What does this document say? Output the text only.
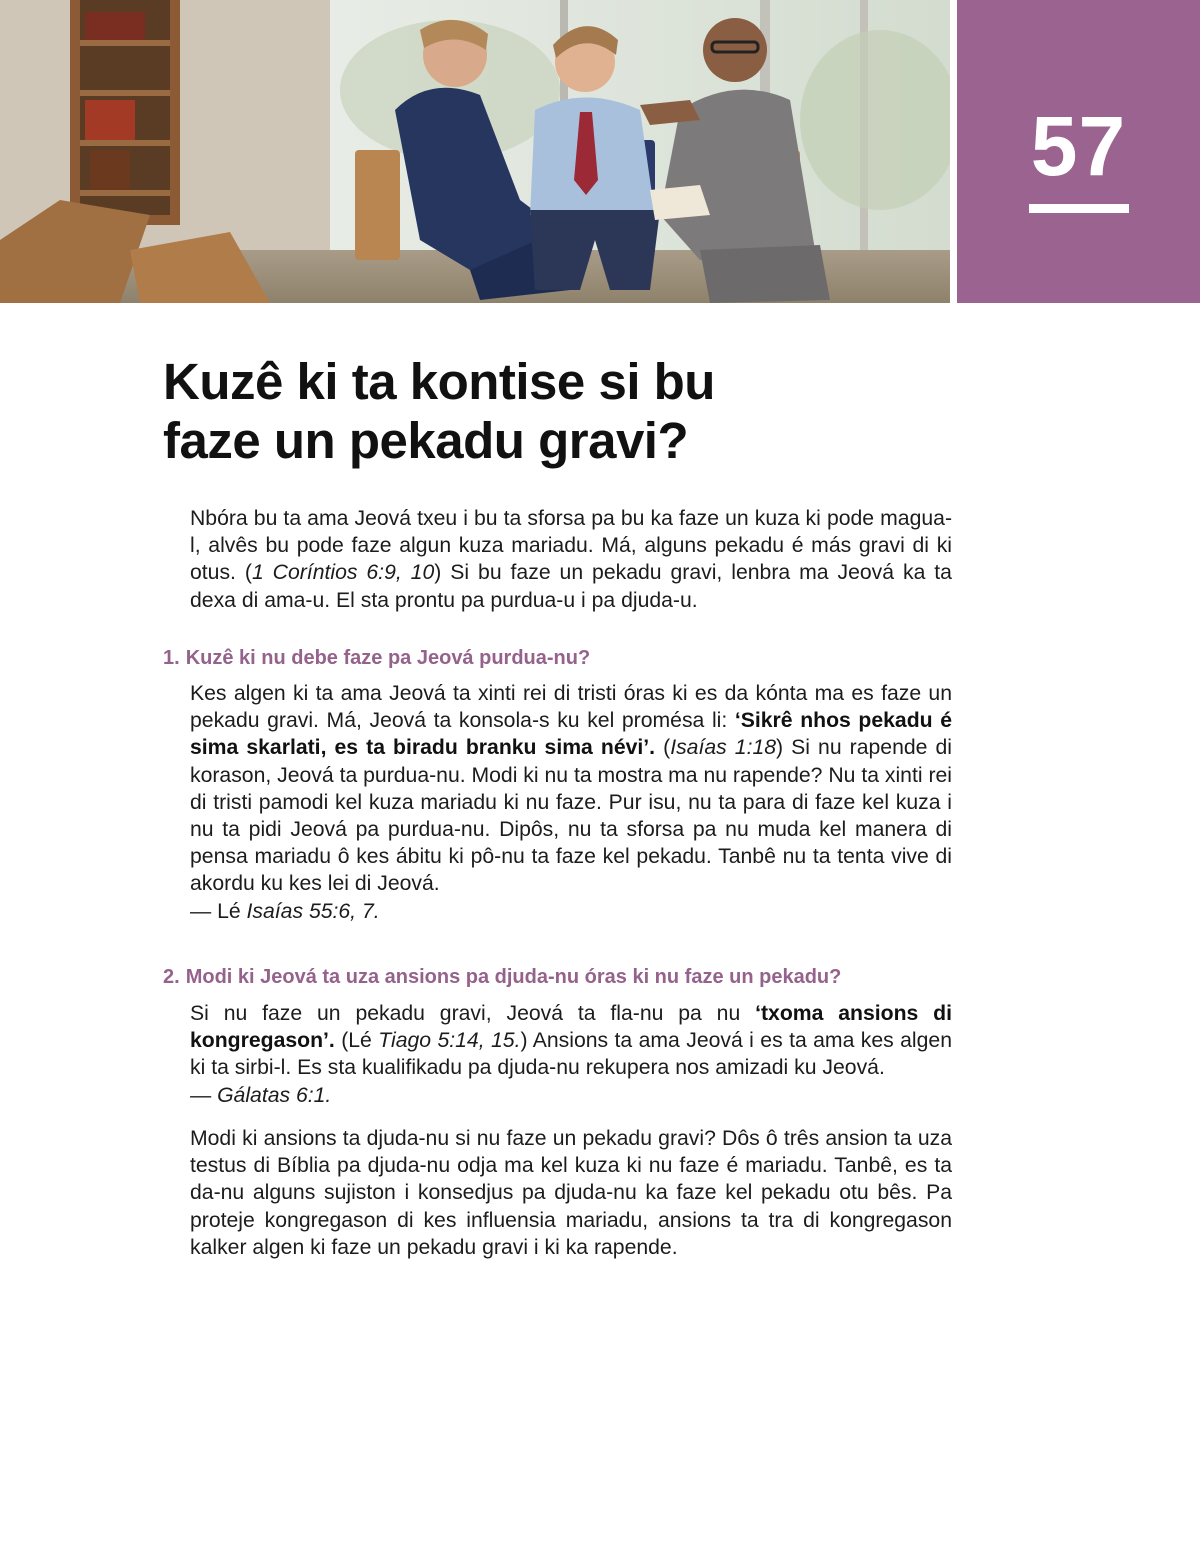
57
Kuzê ki ta kontise si bu
faze un pekadu gravi?

Nbóra bu ta ama Jeová txeu i bu ta sforsa pa bu ka faze un kuza ki pode magua-l, alvês bu pode faze algun kuza mariadu. Má, alguns pekadu é más gravi di ki otus. (1 Coríntios 6:9, 10) Si bu faze un pekadu gravi, lenbra ma Jeová ka ta dexa di ama-u. El sta prontu pa purdua-u i pa djuda-u.

1. Kuzê ki nu debe faze pa Jeová purdua-nu?

Kes algen ki ta ama Jeová ta xinti rei di tristi óras ki es da kónta ma es faze un pekadu gravi. Má, Jeová ta konsola-s ku kel promésa li: ‘Sikrê nhos pekadu é sima skarlati, es ta biradu branku sima névi’. (Isaías 1:18) Si nu rapende di korason, Jeová ta purdua-nu. Modi ki nu ta mostra ma nu rapende? Nu ta xinti rei di tristi pamodi kel kuza mariadu ki nu faze. Pur isu, nu ta para di faze kel kuza i nu ta pidi Jeová pa purdua-nu. Dipôs, nu ta sforsa pa nu muda kel manera di pensa mariadu ô kes ábitu ki pô-nu ta faze kel pekadu. Tanbê nu ta tenta vive di akordu ku kes lei di Jeová.
— Lé Isaías 55:6, 7.

2. Modi ki Jeová ta uza ansions pa djuda-nu óras ki nu faze un pekadu?

Si nu faze un pekadu gravi, Jeová ta fla-nu pa nu ‘txoma ansions di kongregason’. (Lé Tiago 5:14, 15.) Ansions ta ama Jeová i es ta ama kes algen ki ta sirbi-l. Es sta kualifikadu pa djuda-nu rekupera nos amizadi ku Jeová.
— Gálatas 6:1.

Modi ki ansions ta djuda-nu si nu faze un pekadu gravi? Dôs ô três ansion ta uza testus di Bíblia pa djuda-nu odja ma kel kuza ki nu faze é mariadu. Tanbê, es ta da-nu alguns sujiston i konsedjus pa djuda-nu ka faze kel pekadu otu bês. Pa proteje kongregason di kes influensia mariadu, ansions ta tra di kongregason kalker algen ki faze un pekadu gravi i ki ka rapende.
